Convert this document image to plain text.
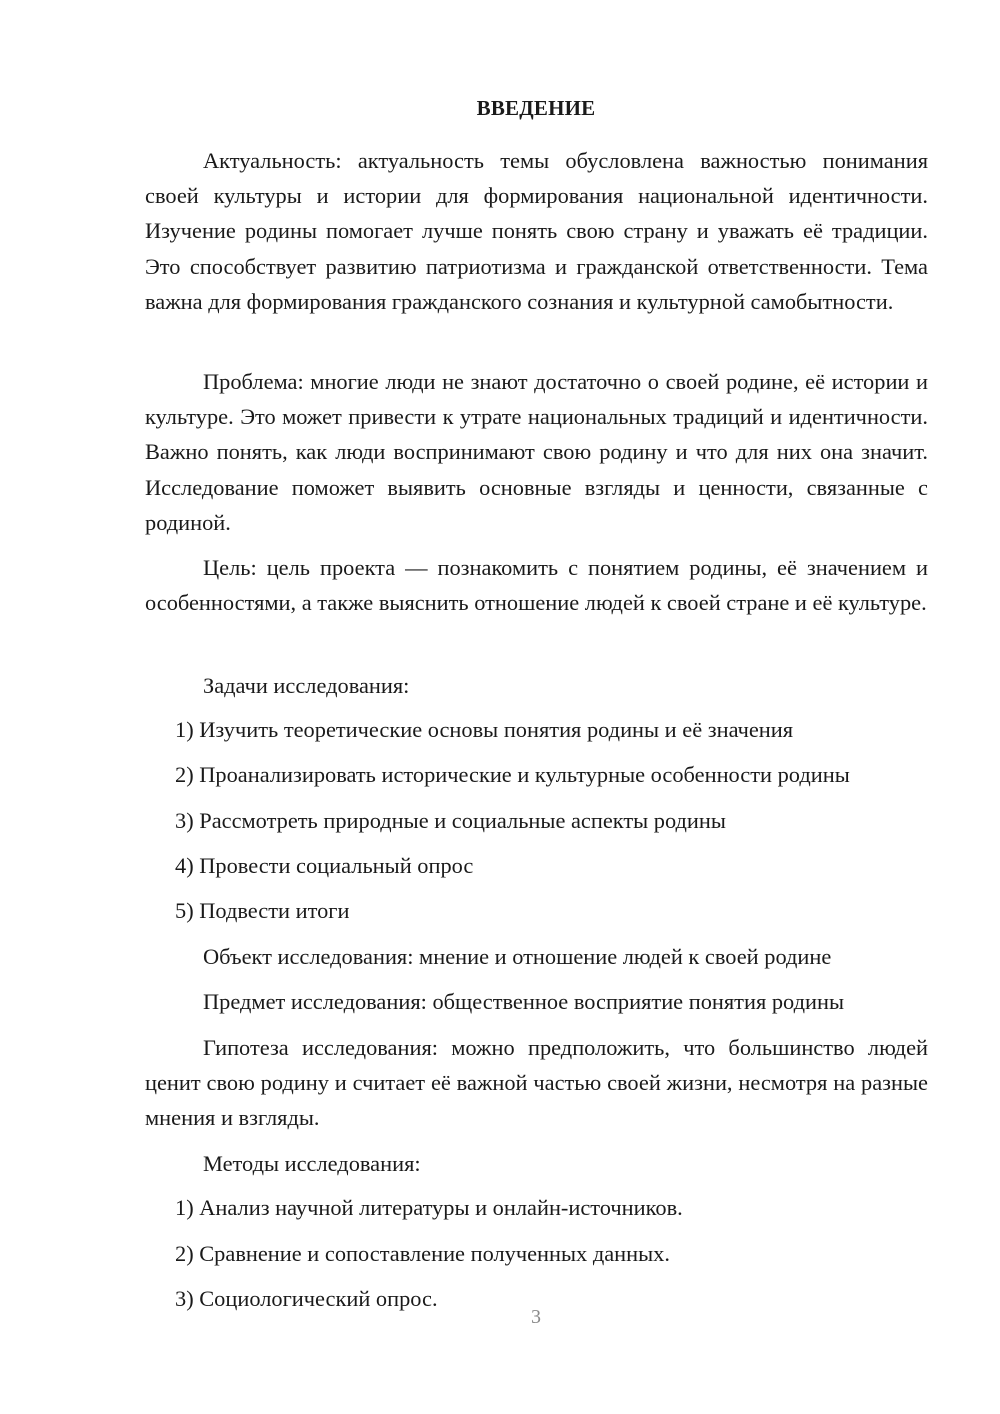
ВВЕДЕНИЕ

Актуальность: актуальность темы обусловлена важностью понимания своей культуры и истории для формирования национальной идентичности. Изучение родины помогает лучше понять свою страну и уважать её традиции. Это способствует развитию патриотизма и гражданской ответственности. Тема важна для формирования гражданского сознания и культурной самобытности.

Проблема: многие люди не знают достаточно о своей родине, её истории и культуре. Это может привести к утрате национальных традиций и идентичности. Важно понять, как люди воспринимают свою родину и что для них она значит. Исследование поможет выявить основные взгляды и ценности, связанные с родиной.

Цель: цель проекта — познакомить с понятием родины, её значением и особенностями, а также выяснить отношение людей к своей стране и её культуре.

Задачи исследования:
1) Изучить теоретические основы понятия родины и её значения
2) Проанализировать исторические и культурные особенности родины
3) Рассмотреть природные и социальные аспекты родины
4) Провести социальный опрос
5) Подвести итоги
Объект исследования: мнение и отношение людей к своей родине
Предмет исследования: общественное восприятие понятия родины

Гипотеза исследования: можно предположить, что большинство людей ценит свою родину и считает её важной частью своей жизни, несмотря на разные мнения и взгляды.

Методы исследования:
1) Анализ научной литературы и онлайн-источников.
2) Сравнение и сопоставление полученных данных.
3) Социологический опрос.
3
